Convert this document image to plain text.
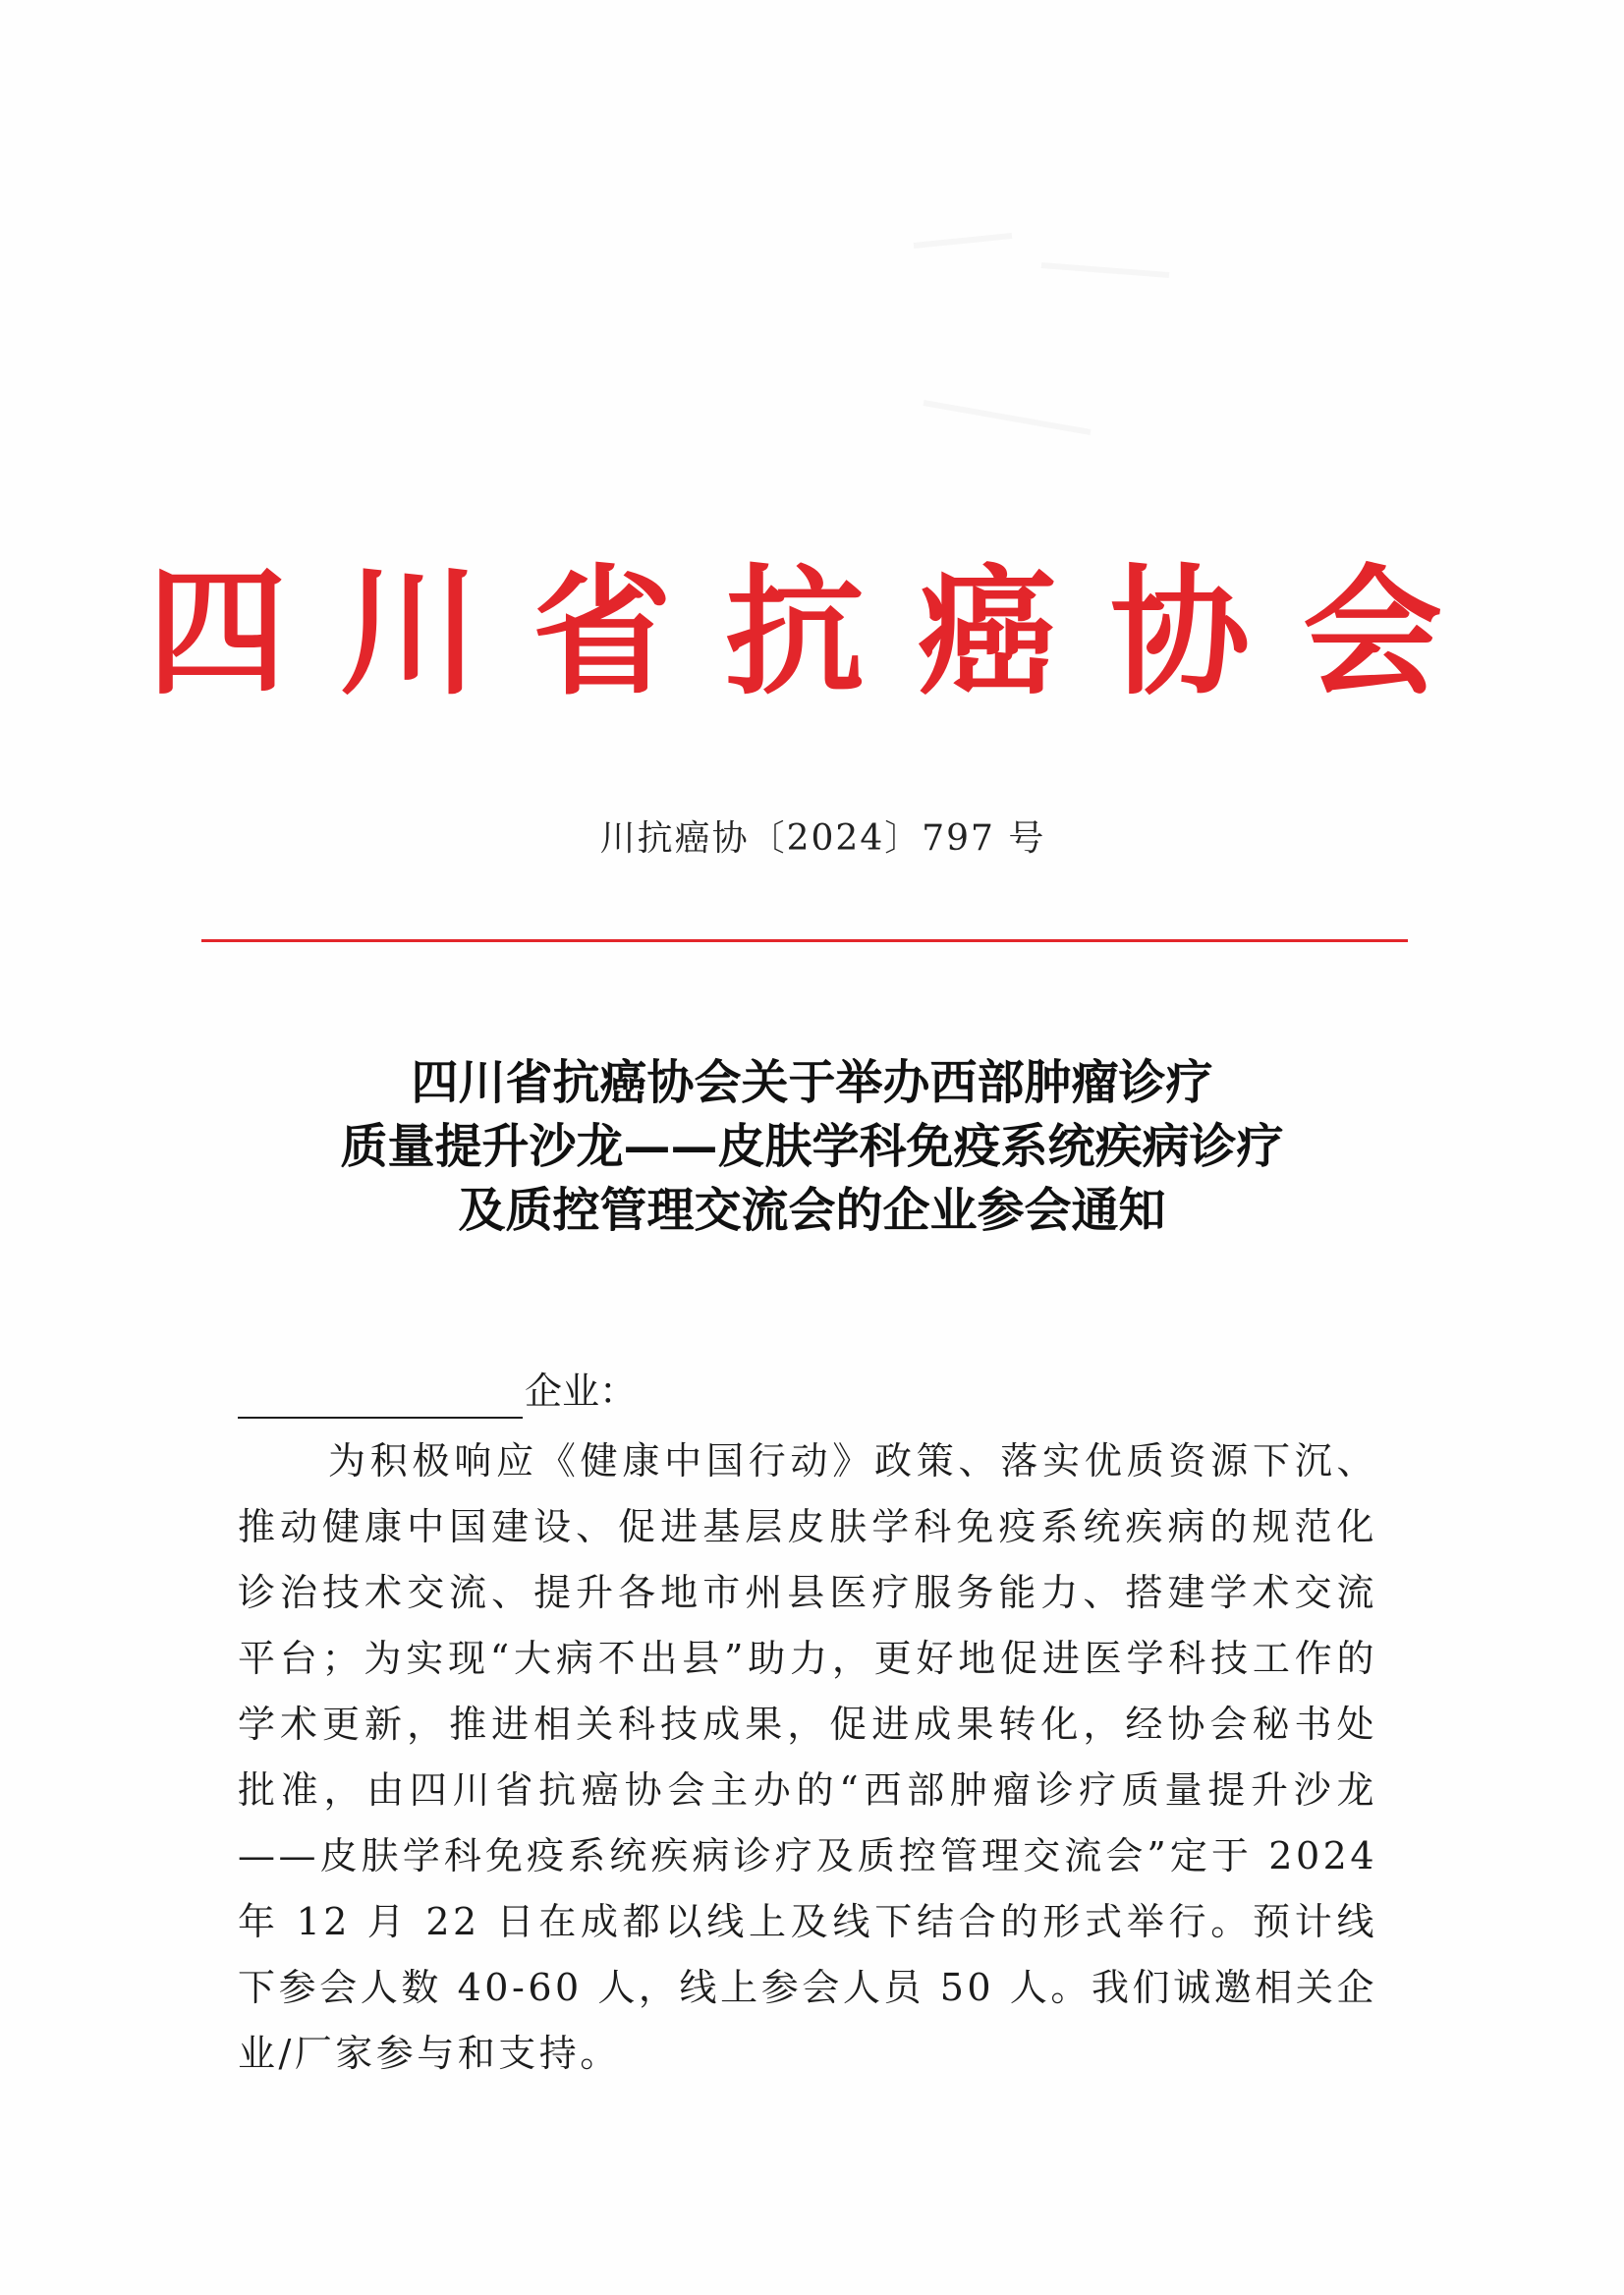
四川省抗癌协会
川抗癌协〔2024〕797 号
四川省抗癌协会关于举办西部肿瘤诊疗
质量提升沙龙——皮肤学科免疫系统疾病诊疗
及质控管理交流会的企业参会通知
企业：
为积极响应《健康中国行动》政策、落实优质资源下沉、推动健康中国建设、促进基层皮肤学科免疫系统疾病的规范化诊治技术交流、提升各地市州县医疗服务能力、搭建学术交流平台；为实现“大病不出县”助力，更好地促进医学科技工作的学术更新，推进相关科技成果，促进成果转化，经协会秘书处批准，由四川省抗癌协会主办的“西部肿瘤诊疗质量提升沙龙——皮肤学科免疫系统疾病诊疗及质控管理交流会”定于 2024 年 12 月 22 日在成都以线上及线下结合的形式举行。预计线下参会人数 40-60 人，线上参会人员 50 人。我们诚邀相关企业/厂家参与和支持。
